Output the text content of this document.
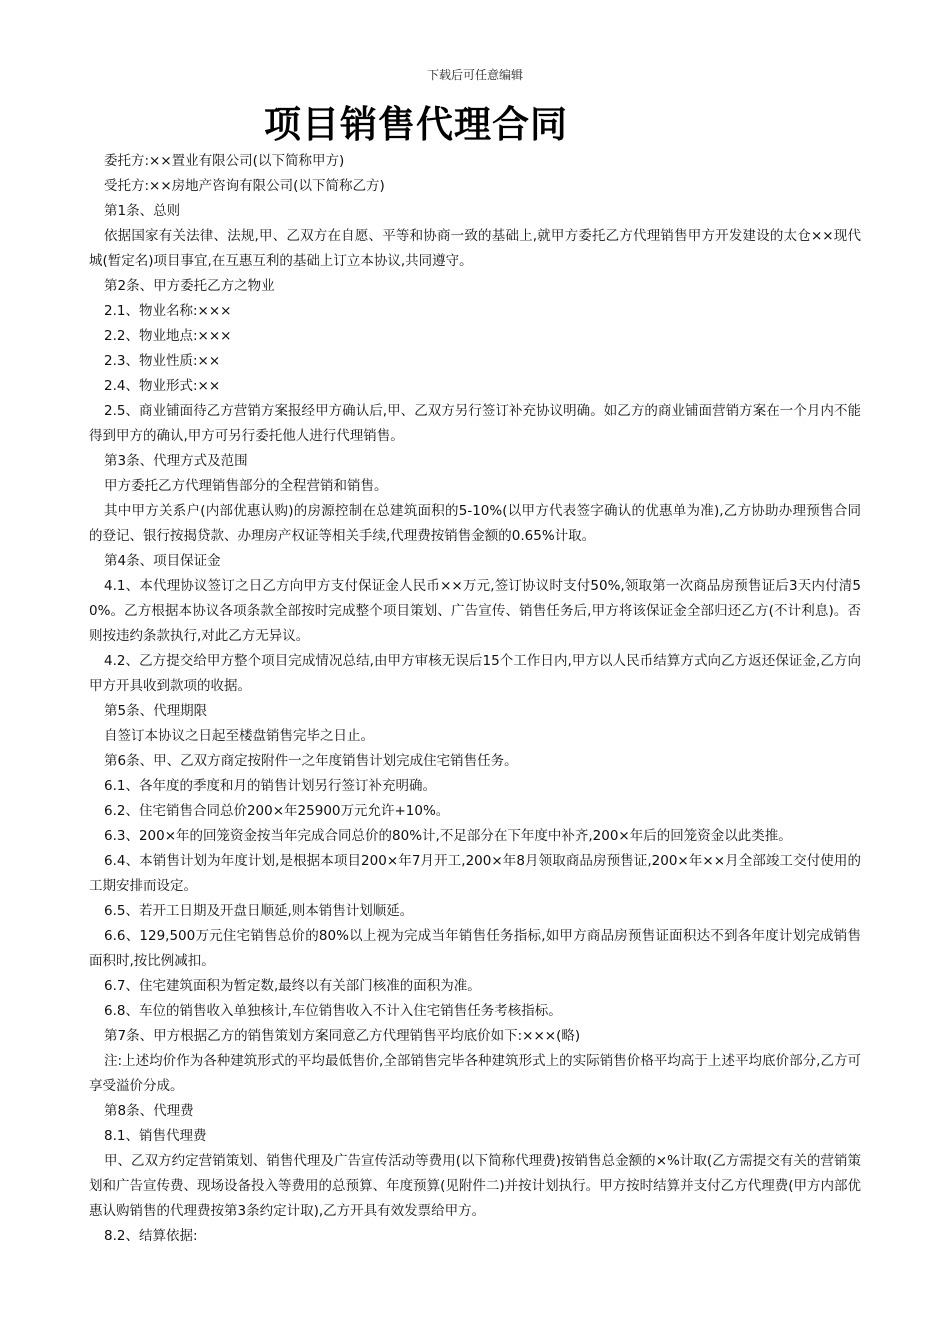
下载后可任意编辑
项目销售代理合同

委托方:××置业有限公司(以下简称甲方)

受托方:××房地产咨询有限公司(以下简称乙方)

第1条、总则

依据国家有关法律、法规,甲、乙双方在自愿、平等和协商一致的基础上,就甲方委托乙方代理销售甲方开发建设的太仓××现代城(暂定名)项目事宜,在互惠互利的基础上订立本协议,共同遵守。

第2条、甲方委托乙方之物业

2.1、物业名称:×××

2.2、物业地点:×××

2.3、物业性质:××

2.4、物业形式:××

2.5、商业铺面待乙方营销方案报经甲方确认后,甲、乙双方另行签订补充协议明确。如乙方的商业铺面营销方案在一个月内不能得到甲方的确认,甲方可另行委托他人进行代理销售。

第3条、代理方式及范围

甲方委托乙方代理销售部分的全程营销和销售。

其中甲方关系户(内部优惠认购)的房源控制在总建筑面积的5-10%(以甲方代表签字确认的优惠单为准),乙方协助办理预售合同的登记、银行按揭贷款、办理房产权证等相关手续,代理费按销售金额的0.65%计取。

第4条、项目保证金

4.1、本代理协议签订之日乙方向甲方支付保证金人民币××万元,签订协议时支付50%,领取第一次商品房预售证后3天内付清50%。乙方根据本协议各项条款全部按时完成整个项目策划、广告宣传、销售任务后,甲方将该保证金全部归还乙方(不计利息)。否则按违约条款执行,对此乙方无异议。

4.2、乙方提交给甲方整个项目完成情况总结,由甲方审核无误后15个工作日内,甲方以人民币结算方式向乙方返还保证金,乙方向甲方开具收到款项的收据。

第5条、代理期限

自签订本协议之日起至楼盘销售完毕之日止。

第6条、甲、乙双方商定按附件一之年度销售计划完成住宅销售任务。

6.1、各年度的季度和月的销售计划另行签订补充明确。

6.2、住宅销售合同总价200×年25900万元允许+10%。

6.3、200×年的回笼资金按当年完成合同总价的80%计,不足部分在下年度中补齐,200×年后的回笼资金以此类推。

6.4、本销售计划为年度计划,是根据本项目200×年7月开工,200×年8月领取商品房预售证,200×年××月全部竣工交付使用的工期安排而设定。

6.5、若开工日期及开盘日顺延,则本销售计划顺延。

6.6、129,500万元住宅销售总价的80%以上视为完成当年销售任务指标,如甲方商品房预售证面积达不到各年度计划完成销售面积时,按比例减扣。

6.7、住宅建筑面积为暂定数,最终以有关部门核准的面积为准。

6.8、车位的销售收入单独核计,车位销售收入不计入住宅销售任务考核指标。

第7条、甲方根据乙方的销售策划方案同意乙方代理销售平均底价如下:×××(略)

注:上述均价作为各种建筑形式的平均最低售价,全部销售完毕各种建筑形式上的实际销售价格平均高于上述平均底价部分,乙方可享受溢价分成。

第8条、代理费

8.1、销售代理费

甲、乙双方约定营销策划、销售代理及广告宣传活动等费用(以下简称代理费)按销售总金额的×%计取(乙方需提交有关的营销策划和广告宣传费、现场设备投入等费用的总预算、年度预算(见附件二)并按计划执行。甲方按时结算并支付乙方代理费(甲方内部优惠认购销售的代理费按第3条约定计取),乙方开具有效发票给甲方。

8.2、结算依据:
